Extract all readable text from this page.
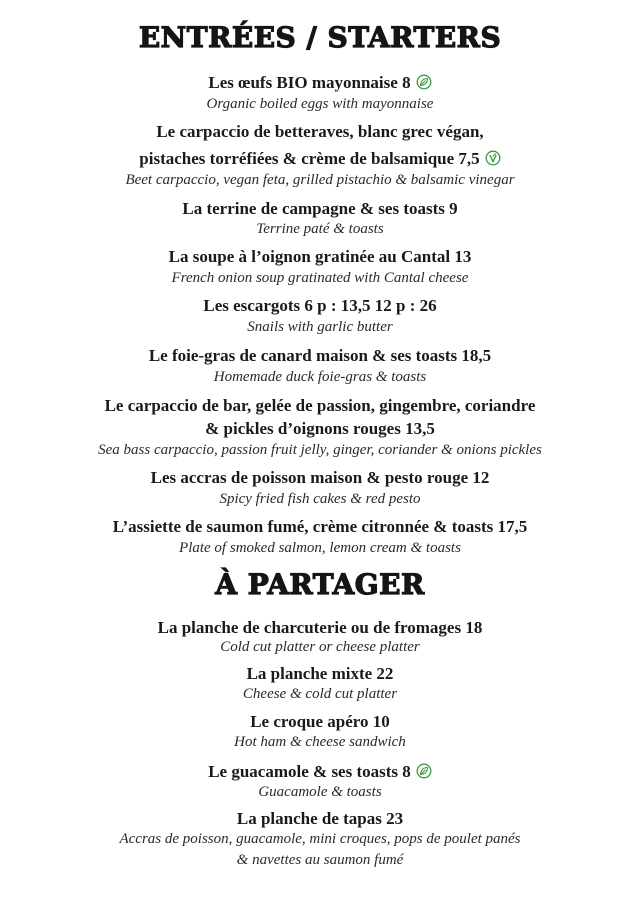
ENTRÉES / STARTERS
Les œufs BIO mayonnaise 8
Organic boiled eggs with mayonnaise
Le carpaccio de betteraves, blanc grec végan,
pistaches torréfiées & crème de balsamique 7,5
Beet carpaccio, vegan feta, grilled pistachio & balsamic vinegar
La terrine de campagne & ses toasts 9
Terrine paté & toasts
La soupe à l’oignon gratinée au Cantal 13
French onion soup gratinated with Cantal cheese
Les escargots 6 p : 13,5 12 p : 26
Snails with garlic butter
Le foie-gras de canard maison & ses toasts 18,5
Homemade duck foie-gras & toasts
Le carpaccio de bar, gelée de passion, gingembre, coriandre
& pickles d’oignons rouges 13,5
Sea bass carpaccio, passion fruit jelly, ginger, coriander & onions pickles
Les accras de poisson maison & pesto rouge 12
Spicy fried fish cakes & red pesto
L’assiette de saumon fumé, crème citronnée & toasts 17,5
Plate of smoked salmon, lemon cream & toasts
À PARTAGER
La planche de charcuterie ou de fromages 18
Cold cut platter or cheese platter
La planche mixte 22
Cheese & cold cut platter
Le croque apéro 10
Hot ham & cheese sandwich
Le guacamole & ses toasts 8
Guacamole & toasts
La planche de tapas 23
Accras de poisson, guacamole, mini croques, pops de poulet panés
& navettes au saumon fumé
